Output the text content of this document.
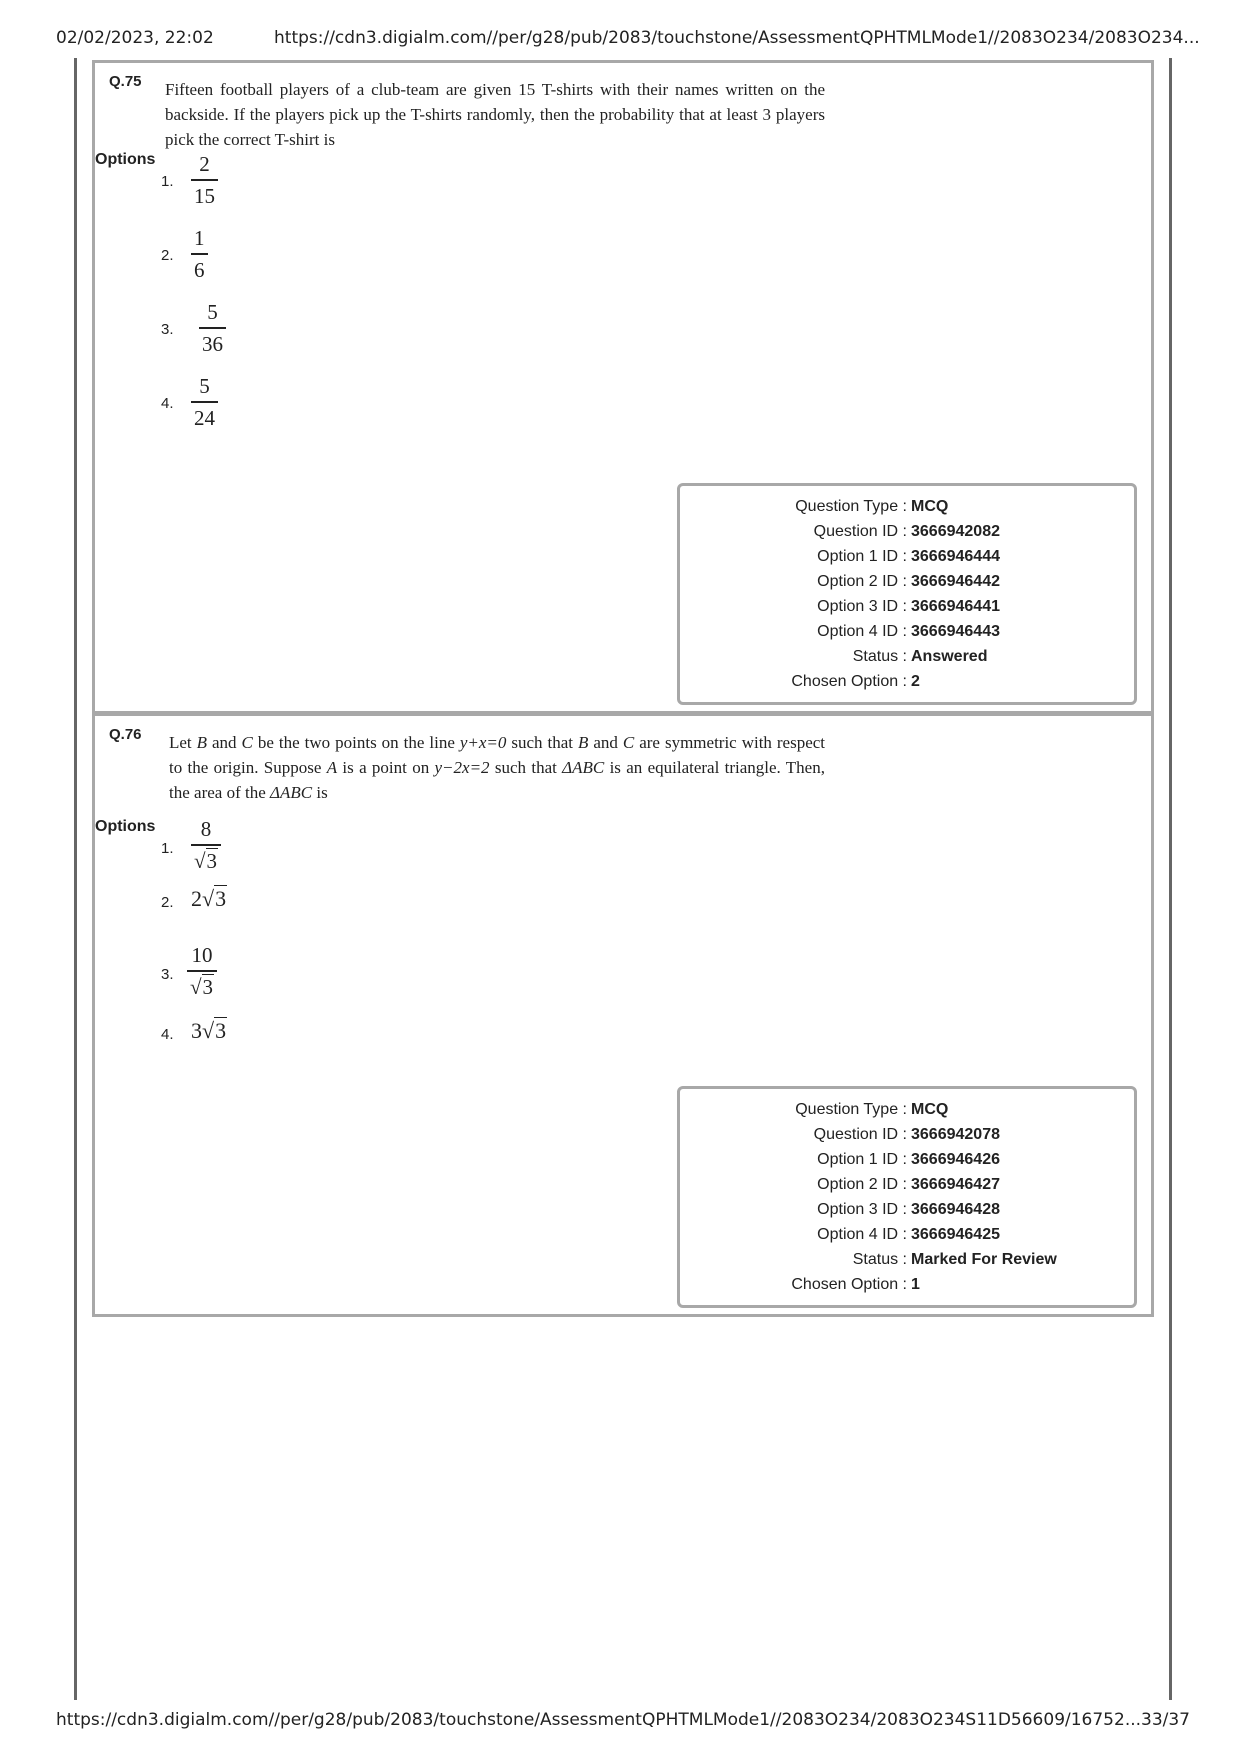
02/02/2023, 22:02	https://cdn3.digialm.com//per/g28/pub/2083/touchstone/AssessmentQPHTMLMode1//2083O234/2083O234...
Q.75 Fifteen football players of a club-team are given 15 T-shirts with their names written on the backside. If the players pick up the T-shirts randomly, then the probability that at least 3 players pick the correct T-shirt is
Options
1.
2
15
2.
1
6
3.
5
36
4.
5
24
Question Type : MCQ
Question ID : 3666942082
Option 1 ID : 3666946444
Option 2 ID : 3666946442
Option 3 ID : 3666946441
Option 4 ID : 3666946443
Status : Answered
Chosen Option : 2
Q.76 Let B and C be the two points on the line y+x=0 such that B and C are symmetric with respect to the origin. Suppose A is a point on y−2x=2 such that ΔABC is an equilateral triangle. Then, the area of the ΔABC is
Options
1.
8
√3
2. 2√3
3.
10
√3
4. 3√3
Question Type : MCQ
Question ID : 3666942078
Option 1 ID : 3666946426
Option 2 ID : 3666946427
Option 3 ID : 3666946428
Option 4 ID : 3666946425
Status : Marked For Review
Chosen Option : 1
https://cdn3.digialm.com//per/g28/pub/2083/touchstone/AssessmentQPHTMLMode1//2083O234/2083O234S11D56609/16752... 33/37
